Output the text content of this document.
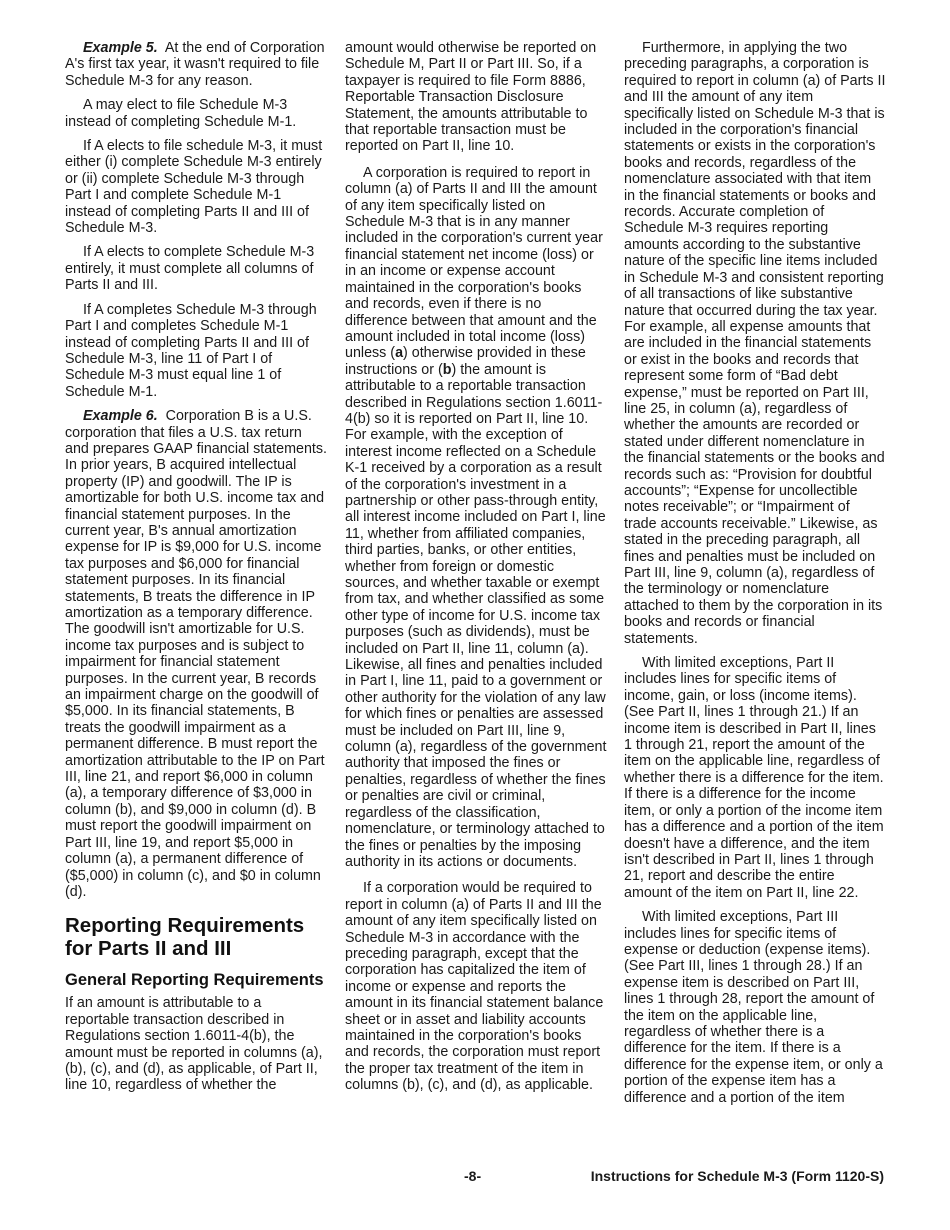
Example 5. At the end of Corporation A's first tax year, it wasn't required to file Schedule M-3 for any reason.

A may elect to file Schedule M-3 instead of completing Schedule M-1.

If A elects to file schedule M-3, it must either (i) complete Schedule M-3 entirely or (ii) complete Schedule M-3 through Part I and complete Schedule M-1 instead of completing Parts II and III of Schedule M-3.

If A elects to complete Schedule M-3 entirely, it must complete all columns of Parts II and III.

If A completes Schedule M-3 through Part I and completes Schedule M-1 instead of completing Parts II and III of Schedule M-3, line 11 of Part I of Schedule M-3 must equal line 1 of Schedule M-1.

Example 6. Corporation B is a U.S. corporation that files a U.S. tax return and prepares GAAP financial statements. In prior years, B acquired intellectual property (IP) and goodwill. The IP is amortizable for both U.S. income tax and financial statement purposes. In the current year, B's annual amortization expense for IP is $9,000 for U.S. income tax purposes and $6,000 for financial statement purposes. In its financial statements, B treats the difference in IP amortization as a temporary difference. The goodwill isn't amortizable for U.S. income tax purposes and is subject to impairment for financial statement purposes. In the current year, B records an impairment charge on the goodwill of $5,000. In its financial statements, B treats the goodwill impairment as a permanent difference. B must report the amortization attributable to the IP on Part III, line 21, and report $6,000 in column (a), a temporary difference of $3,000 in column (b), and $9,000 in column (d). B must report the goodwill impairment on Part III, line 19, and report $5,000 in column (a), a permanent difference of ($5,000) in column (c), and $0 in column (d).

Reporting Requirements for Parts II and III
General Reporting Requirements

If an amount is attributable to a reportable transaction described in Regulations section 1.6011-4(b), the amount must be reported in columns (a), (b), (c), and (d), as applicable, of Part II, line 10, regardless of whether the

amount would otherwise be reported on Schedule M, Part II or Part III. So, if a taxpayer is required to file Form 8886, Reportable Transaction Disclosure Statement, the amounts attributable to that reportable transaction must be reported on Part II, line 10.

A corporation is required to report in column (a) of Parts II and III the amount of any item specifically listed on Schedule M-3 that is in any manner included in the corporation's current year financial statement net income (loss) or in an income or expense account maintained in the corporation's books and records, even if there is no difference between that amount and the amount included in total income (loss) unless (a) otherwise provided in these instructions or (b) the amount is attributable to a reportable transaction described in Regulations section 1.6011-4(b) so it is reported on Part II, line 10. For example, with the exception of interest income reflected on a Schedule K-1 received by a corporation as a result of the corporation's investment in a partnership or other pass-through entity, all interest income included on Part I, line 11, whether from affiliated companies, third parties, banks, or other entities, whether from foreign or domestic sources, and whether taxable or exempt from tax, and whether classified as some other type of income for U.S. income tax purposes (such as dividends), must be included on Part II, line 11, column (a). Likewise, all fines and penalties included in Part I, line 11, paid to a government or other authority for the violation of any law for which fines or penalties are assessed must be included on Part III, line 9, column (a), regardless of the government authority that imposed the fines or penalties, regardless of whether the fines or penalties are civil or criminal, regardless of the classification, nomenclature, or terminology attached to the fines or penalties by the imposing authority in its actions or documents.

If a corporation would be required to report in column (a) of Parts II and III the amount of any item specifically listed on Schedule M-3 in accordance with the preceding paragraph, except that the corporation has capitalized the item of income or expense and reports the amount in its financial statement balance sheet or in asset and liability accounts maintained in the corporation's books and records, the corporation must report the proper tax treatment of the item in columns (b), (c), and (d), as applicable.

Furthermore, in applying the two preceding paragraphs, a corporation is required to report in column (a) of Parts II and III the amount of any item specifically listed on Schedule M-3 that is included in the corporation's financial statements or exists in the corporation's books and records, regardless of the nomenclature associated with that item in the financial statements or books and records. Accurate completion of Schedule M-3 requires reporting amounts according to the substantive nature of the specific line items included in Schedule M-3 and consistent reporting of all transactions of like substantive nature that occurred during the tax year. For example, all expense amounts that are included in the financial statements or exist in the books and records that represent some form of “Bad debt expense,” must be reported on Part III, line 25, in column (a), regardless of whether the amounts are recorded or stated under different nomenclature in the financial statements or the books and records such as: “Provision for doubtful accounts”; “Expense for uncollectible notes receivable”; or “Impairment of trade accounts receivable.” Likewise, as stated in the preceding paragraph, all fines and penalties must be included on Part III, line 9, column (a), regardless of the terminology or nomenclature attached to them by the corporation in its books and records or financial statements.

With limited exceptions, Part II includes lines for specific items of income, gain, or loss (income items). (See Part II, lines 1 through 21.) If an income item is described in Part II, lines 1 through 21, report the amount of the item on the applicable line, regardless of whether there is a difference for the item. If there is a difference for the income item, or only a portion of the income item has a difference and a portion of the item doesn't have a difference, and the item isn't described in Part II, lines 1 through 21, report and describe the entire amount of the item on Part II, line 22.

With limited exceptions, Part III includes lines for specific items of expense or deduction (expense items). (See Part III, lines 1 through 28.) If an expense item is described on Part III, lines 1 through 28, report the amount of the item on the applicable line, regardless of whether there is a difference for the item. If there is a difference for the expense item, or only a portion of the expense item has a difference and a portion of the item

-8-	Instructions for Schedule M-3 (Form 1120-S)
